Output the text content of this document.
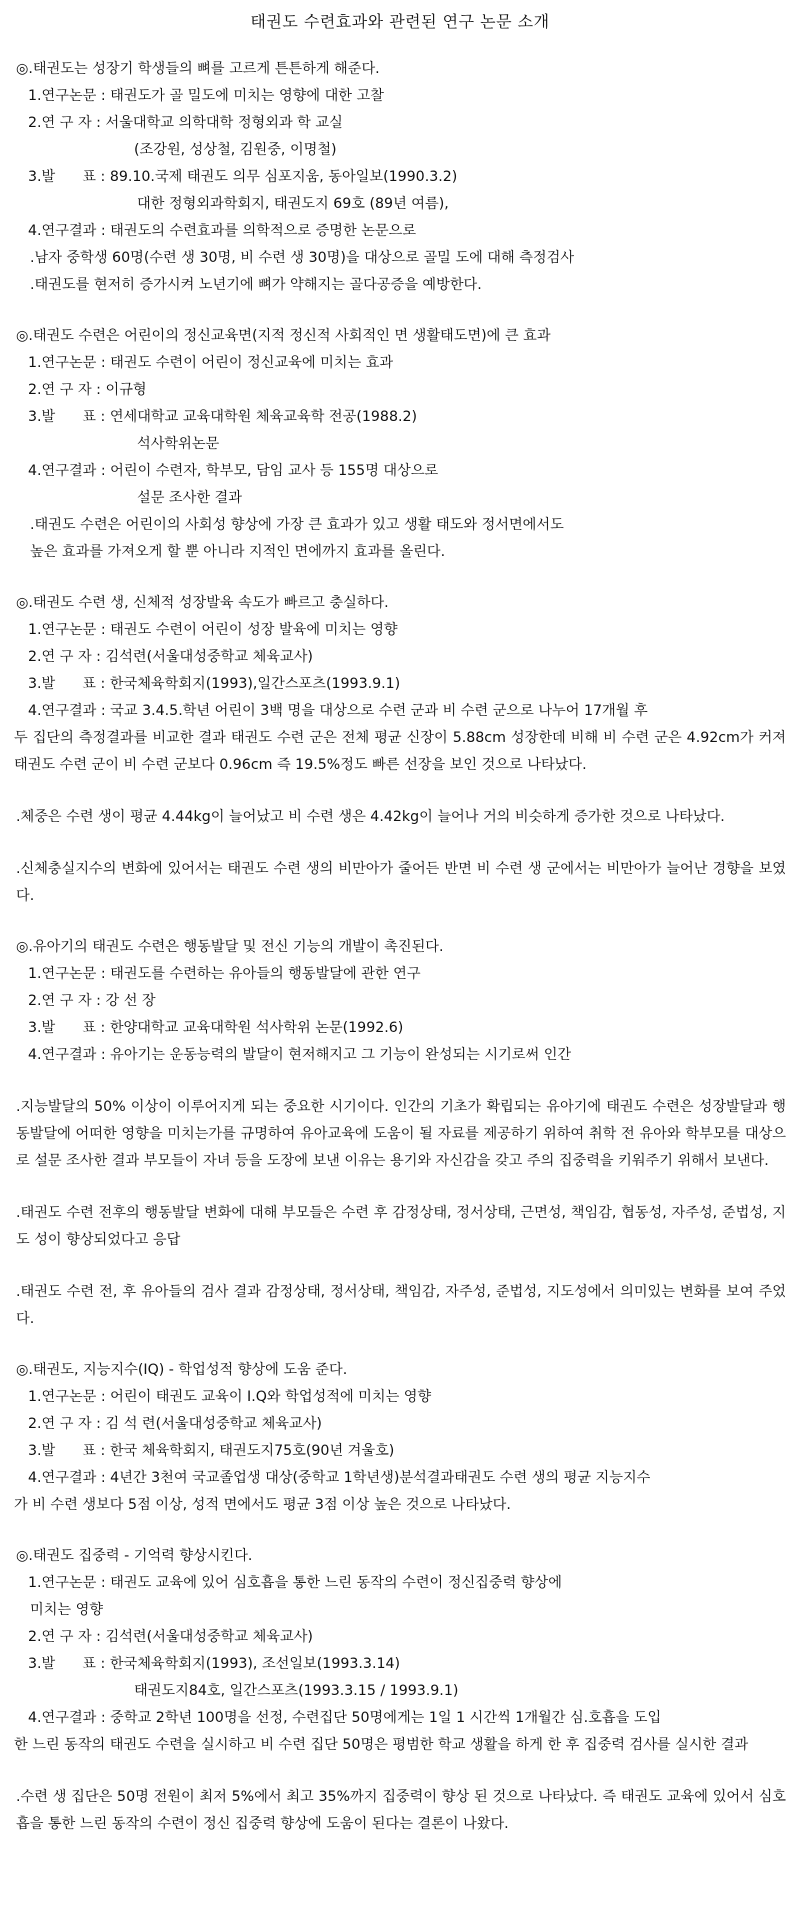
태권도 수련효과와 관련된 연구 논문 소개

◎.태권도는 성장기 학생들의 뼈를 고르게 튼튼하게 해준다.

1.연구논문 : 태권도가 골 밀도에 미치는 영향에 대한 고찰
2.연 구 자 : 서울대학교 의학대학 정형외과 학 교실

(조강원, 성상철, 김원중, 이명철)

3.발      표 : 89.10.국제 태권도 의무 심포지움, 동아일보(1990.3.2)

대한 정형외과학회지, 태권도지 69호 (89년 여름),

4.연구결과 : 태권도의 수련효과를 의학적으로 증명한 논문으로

.남자 중학생 60명(수련 생 30명, 비 수련 생 30명)을 대상으로 골밀 도에 대해 측정검사

.태권도를 현저히 증가시켜 노년기에 뼈가 약해지는 골다공증을 예방한다.

◎.태권도 수련은 어린이의 정신교육면(지적 정신적 사회적인 면 생활태도면)에 큰 효과

1.연구논문 : 태권도 수련이 어린이 정신교육에 미치는 효과
2.연 구 자 : 이규형
3.발      표 : 연세대학교 교육대학원 체육교육학 전공(1988.2)

석사학위논문

4.연구결과 : 어린이 수련자, 학부모, 담임 교사 등 155명 대상으로

설문 조사한 결과

.태권도 수련은 어린이의 사회성 향상에 가장 큰 효과가 있고 생활 태도와 정서면에서도

높은 효과를 가져오게 할 뿐 아니라 지적인 면에까지 효과를 올린다.

◎.태권도 수련 생, 신체적 성장발육 속도가 빠르고 충실하다.

1.연구논문 : 태권도 수련이 어린이 성장 발육에 미치는 영향
2.연 구 자 : 김석련(서울대성중학교 체육교사)
3.발      표 : 한국체육학회지(1993),일간스포츠(1993.9.1)
4.연구결과 : 국교 3.4.5.학년 어린이 3백 명을 대상으로 수련 군과 비 수련 군으로 나누어 17개월 후

두 집단의 측정결과를 비교한 결과 태권도 수련 군은 전체 평균 신장이 5.88cm 성장한데 비해 비 수련 군은 4.92cm가 커져 태권도 수련 군이 비 수련 군보다 0.96cm 즉 19.5%정도 빠른 선장을 보인 것으로 나타났다.

.체중은 수련 생이 평균 4.44kg이 늘어났고 비 수련 생은 4.42kg이 늘어나 거의 비슷하게 증가한 것으로 나타났다.

.신체충실지수의 변화에 있어서는 태권도 수련 생의 비만아가 줄어든 반면 비 수련 생 군에서는 비만아가 늘어난 경향을 보였다.

◎.유아기의 태권도 수련은 행동발달 및 전신 기능의 개발이 촉진된다.

1.연구논문 : 태권도를 수련하는 유아들의 행동발달에 관한 연구
2.연 구 자 : 강 선 장
3.발      표 : 한양대학교 교육대학원 석사학위 논문(1992.6)
4.연구결과 : 유아기는 운동능력의 발달이 현저해지고 그 기능이 완성되는 시기로써 인간

.지능발달의 50% 이상이 이루어지게 되는 중요한 시기이다. 인간의 기초가 확립되는 유아기에 태권도 수련은 성장발달과 행동발달에 어떠한 영향을 미치는가를 규명하여 유아교육에 도움이 될 자료를 제공하기 위하여 취학 전 유아와 학부모를 대상으로 설문 조사한 결과 부모들이 자녀 등을 도장에 보낸 이유는 용기와 자신감을 갖고 주의 집중력을 키워주기 위해서 보낸다.

.태권도 수련 전후의 행동발달 변화에 대해 부모들은 수련 후 감정상태, 정서상태, 근면성, 책임감, 협동성, 자주성, 준법성, 지도 성이 향상되었다고 응답

.태권도 수련 전, 후 유아들의 검사 결과 감정상태, 정서상태, 책임감, 자주성, 준법성, 지도성에서 의미있는 변화를 보여 주었다.

◎.태권도, 지능지수(IQ) - 학업성적 향상에 도움 준다.

1.연구논문 : 어린이 태권도 교육이 I.Q와 학업성적에 미치는 영향
2.연 구 자 : 김 석 련(서울대성중학교 체육교사)
3.발      표 : 한국 체육학회지, 태권도지75호(90년 겨울호)
4.연구결과 : 4년간 3천여 국교졸업생 대상(중학교 1학년생)분석결과태권도 수련 생의 평균 지능지수

가 비 수련 생보다 5점 이상, 성적 면에서도 평균 3점 이상 높은 것으로 나타났다.

◎.태권도 집중력 - 기억력 향상시킨다.

1.연구논문 : 태권도 교육에 있어 심호흡을 통한 느린 동작의 수련이 정신집중력 향상에

미치는 영향

2.연 구 자 : 김석련(서울대성중학교 체육교사)
3.발      표 : 한국체육학회지(1993), 조선일보(1993.3.14)

태권도지84호, 일간스포츠(1993.3.15 / 1993.9.1)

4.연구결과 : 중학교 2학년 100명을 선정, 수련집단 50명에게는 1일 1 시간씩 1개월간 심.호흡을 도입

한 느린 동작의 태권도 수련을 실시하고 비 수련 집단 50명은 평범한 학교 생활을 하게 한 후 집중력 검사를 실시한 결과

.수련 생 집단은 50명 전원이 최저 5%에서 최고 35%까지 집중력이 향상 된 것으로 나타났다. 즉 태권도 교육에 있어서 심호흡을 통한 느린 동작의 수련이 정신 집중력 향상에 도움이 된다는 결론이 나왔다.
